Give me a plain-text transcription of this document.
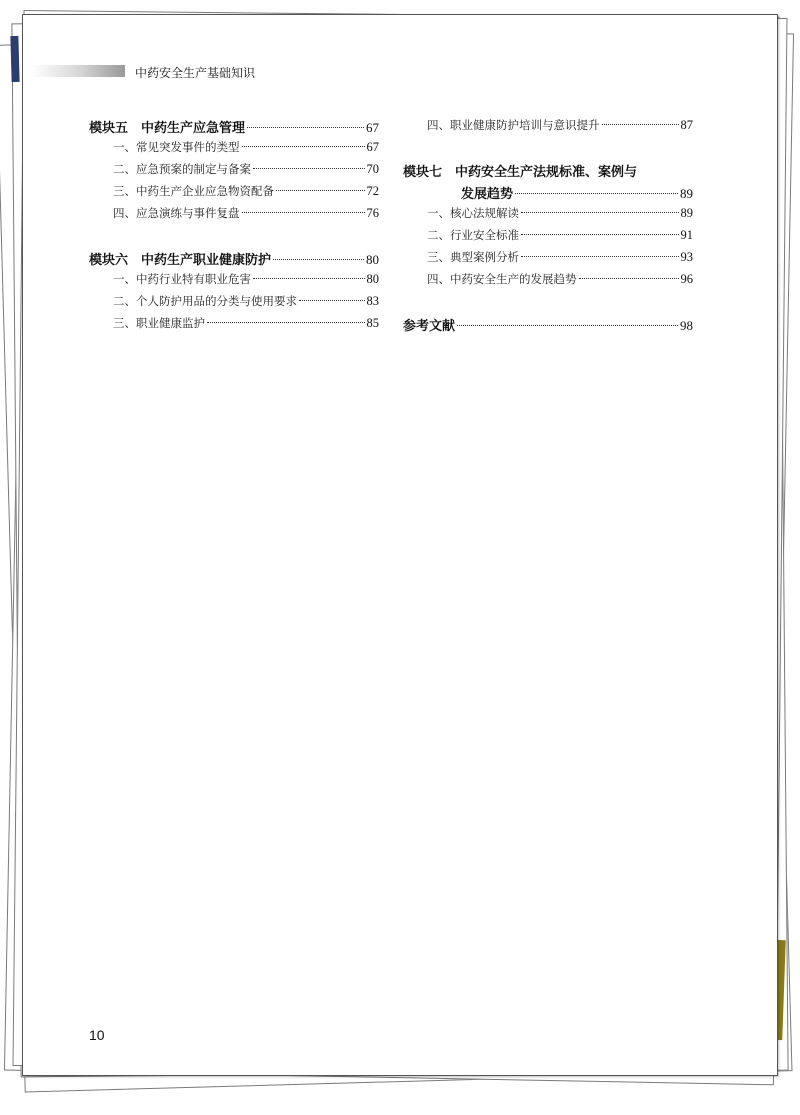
中药安全生产基础知识
模块五　中药生产应急管理	67
一、常见突发事件的类型	67
二、应急预案的制定与备案	70
三、中药生产企业应急物资配备	72
四、应急演练与事件复盘	76
模块六　中药生产职业健康防护	80
一、中药行业特有职业危害	80
二、个人防护用品的分类与使用要求	83
三、职业健康监护	85
四、职业健康防护培训与意识提升	87
模块七　中药安全生产法规标准、案例与
发展趋势	89
一、核心法规解读	89
二、行业安全标准	91
三、典型案例分析	93
四、中药安全生产的发展趋势	96
参考文献	98
10
